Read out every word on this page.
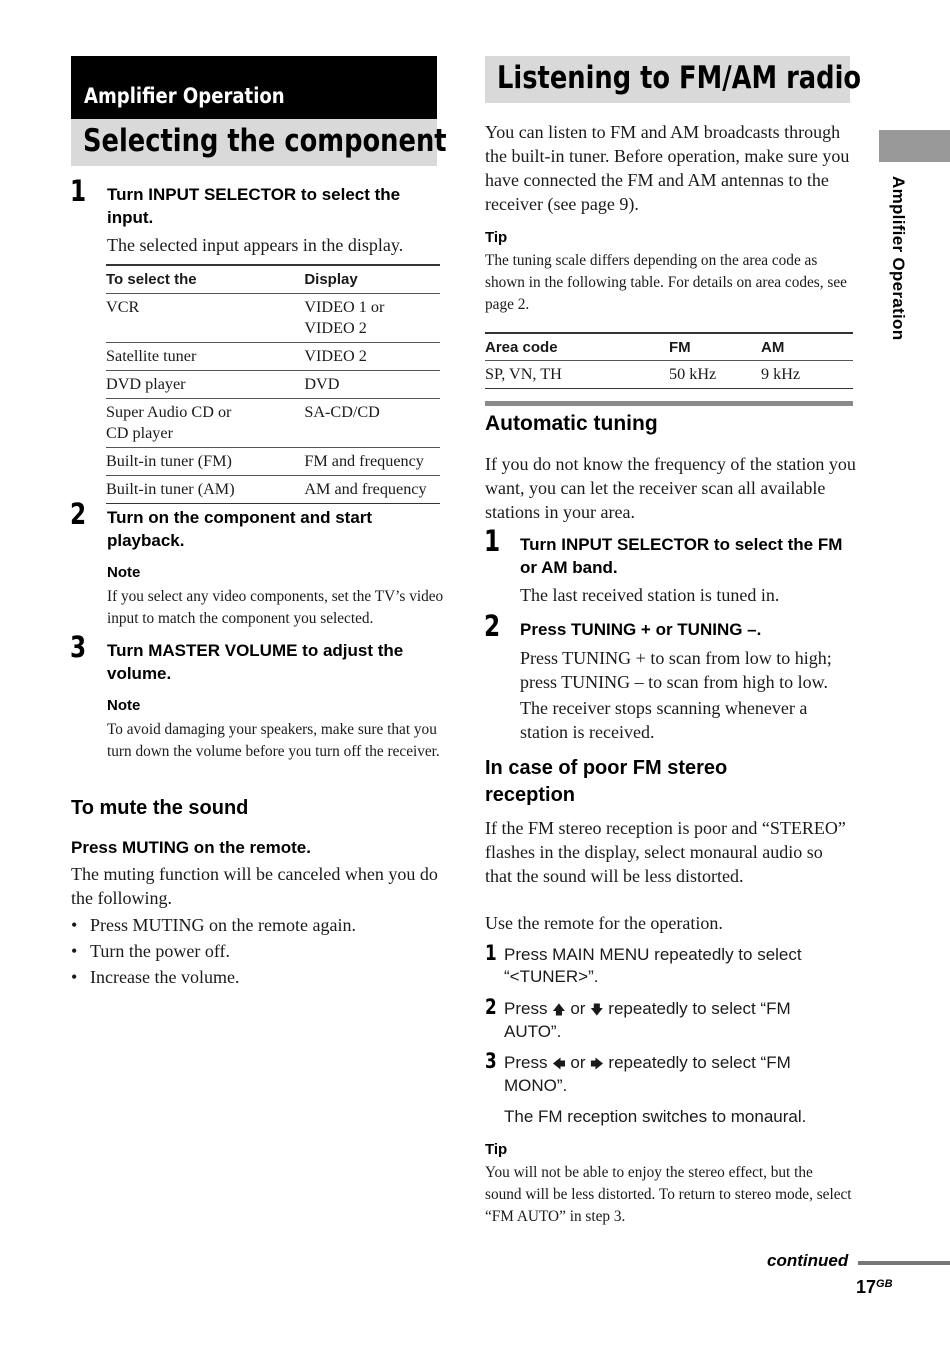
Amplifier Operation
Selecting the component
1 Turn INPUT SELECTOR to select the input.
The selected input appears in the display.
To select the	Display
VCR	VIDEO 1 or VIDEO 2

Satellite tuner	VIDEO 2
DVD player	DVD

Super Audio CD or CD player	SA-CD/CD
Built-in tuner (FM)	FM and frequency
Built-in tuner (AM)	AM and frequency
2 Turn on the component and start playback.
Note
If you select any video components, set the TV’s video input to match the component you selected.
3 Turn MASTER VOLUME to adjust the volume.
Note
To avoid damaging your speakers, make sure that you turn down the volume before you turn off the receiver.
To mute the sound
Press MUTING on the remote.
The muting function will be canceled when you do the following.
• Press MUTING on the remote again.
• Turn the power off.
• Increase the volume.
Listening to FM/AM radio
You can listen to FM and AM broadcasts through the built-in tuner. Before operation, make sure you have connected the FM and AM antennas to the receiver (see page 9).
Tip
The tuning scale differs depending on the area code as shown in the following table. For details on area codes, see page 2.
Area code	FM	AM
SP, VN, TH	50 kHz	9 kHz
Automatic tuning
If you do not know the frequency of the station you want, you can let the receiver scan all available stations in your area.
1 Turn INPUT SELECTOR to select the FM or AM band.
The last received station is tuned in.
2 Press TUNING + or TUNING –.
Press TUNING + to scan from low to high; press TUNING – to scan from high to low.
The receiver stops scanning whenever a station is received.
In case of poor FM stereo reception
If the FM stereo reception is poor and “STEREO” flashes in the display, select monaural audio so that the sound will be less distorted.
Use the remote for the operation.
1 Press MAIN MENU repeatedly to select
“<TUNER>”.
2 Press 🡅 or 🡇 repeatedly to select “FM
AUTO”.
3 Press 🡄 or 🡆 repeatedly to select “FM
MONO”.
The FM reception switches to monaural.
Tip
You will not be able to enjoy the stereo effect, but the sound will be less distorted. To return to stereo mode, select “FM AUTO” in step 3.
Amplifier Operation
continued
$17^{GB}$
